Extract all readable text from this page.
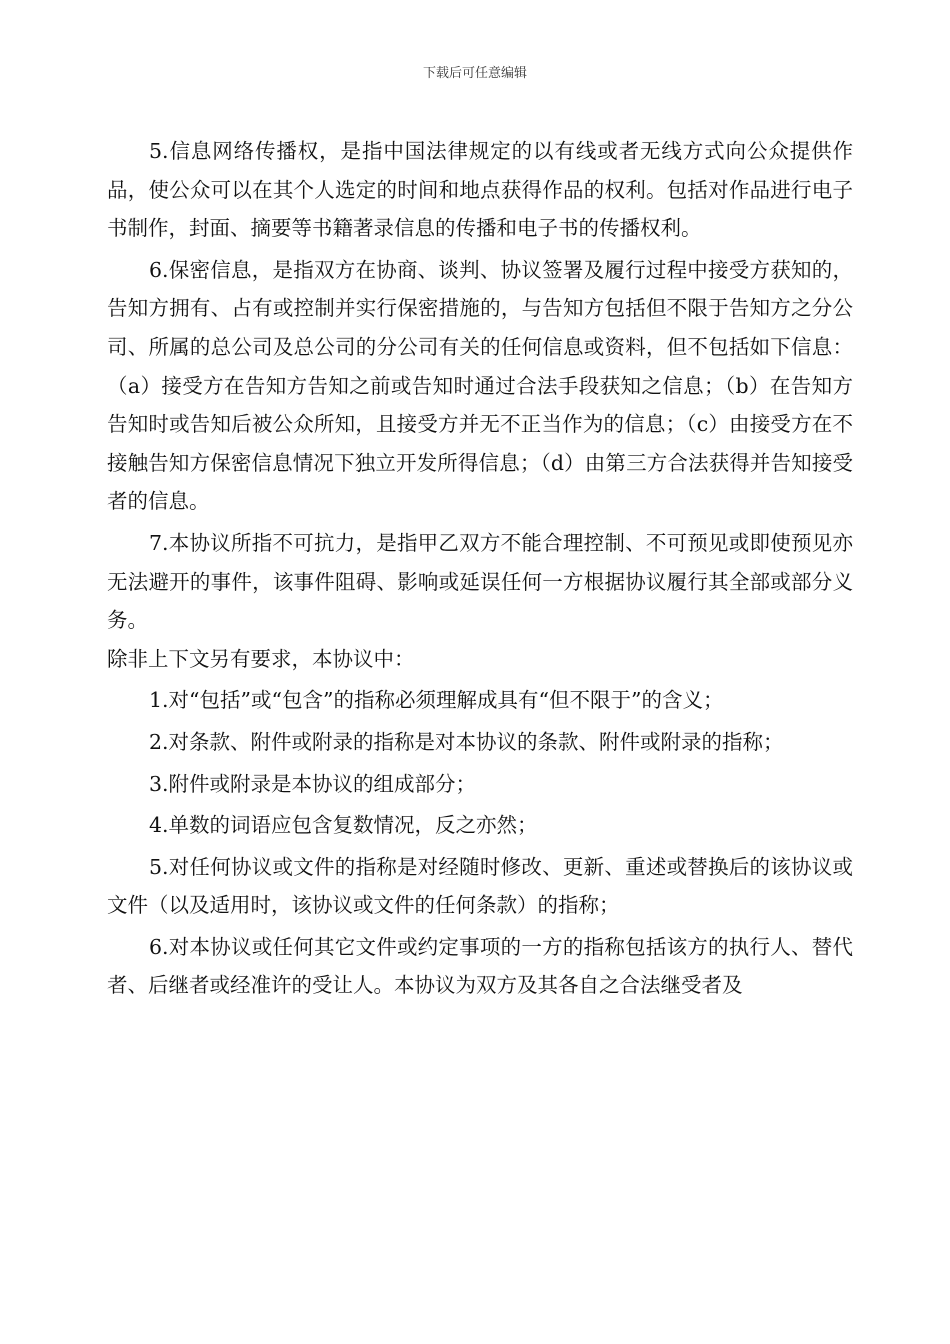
下载后可任意编辑

5.信息网络传播权，是指中国法律规定的以有线或者无线方式向公众提供作品，使公众可以在其个人选定的时间和地点获得作品的权利。包括对作品进行电子书制作，封面、摘要等书籍著录信息的传播和电子书的传播权利。

6.保密信息，是指双方在协商、谈判、协议签署及履行过程中接受方获知的，告知方拥有、占有或控制并实行保密措施的，与告知方包括但不限于告知方之分公司、所属的总公司及总公司的分公司有关的任何信息或资料，但不包括如下信息：（a）接受方在告知方告知之前或告知时通过合法手段获知之信息；（b）在告知方告知时或告知后被公众所知，且接受方并无不正当作为的信息；（c）由接受方在不接触告知方保密信息情况下独立开发所得信息；（d）由第三方合法获得并告知接受者的信息。

7.本协议所指不可抗力，是指甲乙双方不能合理控制、不可预见或即使预见亦无法避开的事件，该事件阻碍、影响或延误任何一方根据协议履行其全部或部分义务。

除非上下文另有要求，本协议中：

1.对“包括”或“包含”的指称必须理解成具有“但不限于”的含义；

2.对条款、附件或附录的指称是对本协议的条款、附件或附录的指称；

3.附件或附录是本协议的组成部分；

4.单数的词语应包含复数情况，反之亦然；

5.对任何协议或文件的指称是对经随时修改、更新、重述或替换后的该协议或文件（以及适用时，该协议或文件的任何条款）的指称；

6.对本协议或任何其它文件或约定事项的一方的指称包括该方的执行人、替代者、后继者或经准许的受让人。本协议为双方及其各自之合法继受者及
